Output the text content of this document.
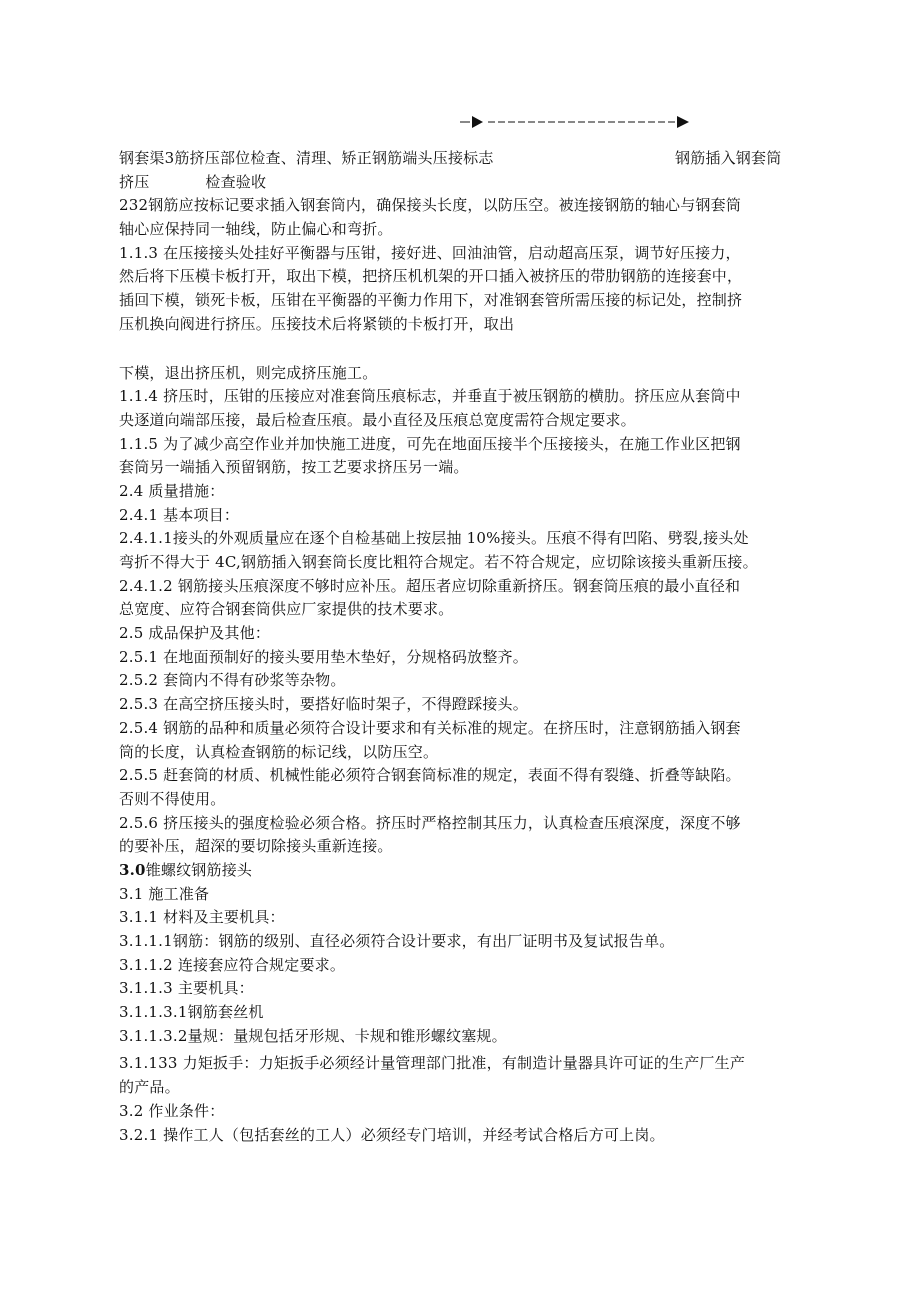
钢套渠3筋挤压部位检查、清理、矫正钢筋端头压接标志	钢筋插入钢套筒
挤压	检查验收
232钢筋应按标记要求插入钢套筒内，确保接头长度，以防压空。被连接钢筋的轴心与钢套筒
轴心应保持同一轴线，防止偏心和弯折。
1.1.3 在压接接头处挂好平衡器与压钳，接好进、回油油管，启动超高压泵，调节好压接力，
然后将下压模卡板打开，取出下模，把挤压机机架的开口插入被挤压的带肋钢筋的连接套中，
插回下模，锁死卡板，压钳在平衡器的平衡力作用下，对准钢套管所需压接的标记处，控制挤
压机换向阀进行挤压。压接技术后将紧锁的卡板打开，取出
下模，退出挤压机，则完成挤压施工。
1.1.4 挤压时，压钳的压接应对准套筒压痕标志，并垂直于被压钢筋的横肋。挤压应从套筒中
央逐道向端部压接，最后检查压痕。最小直径及压痕总宽度需符合规定要求。
1.1.5 为了减少高空作业并加快施工进度，可先在地面压接半个压接接头，在施工作业区把钢
套筒另一端插入预留钢筋，按工艺要求挤压另一端。
2.4 质量措施：
2.4.1 基本项目：
2.4.1.1接头的外观质量应在逐个自检基础上按层抽 10%接头。压痕不得有凹陷、劈裂,接头处
弯折不得大于 4C,钢筋插入钢套筒长度比粗符合规定。若不符合规定，应切除该接头重新压接。
2.4.1.2 钢筋接头压痕深度不够时应补压。超压者应切除重新挤压。钢套筒压痕的最小直径和
总宽度、应符合钢套筒供应厂家提供的技术要求。
2.5 成品保护及其他：
2.5.1 在地面预制好的接头要用垫木垫好，分规格码放整齐。
2.5.2 套筒内不得有砂浆等杂物。
2.5.3 在高空挤压接头时，要搭好临时架子，不得蹬踩接头。
2.5.4 钢筋的品种和质量必须符合设计要求和有关标准的规定。在挤压时，注意钢筋插入钢套
筒的长度，认真检查钢筋的标记线，以防压空。
2.5.5 赶套筒的材质、机械性能必须符合钢套筒标准的规定，表面不得有裂缝、折叠等缺陷。
否则不得使用。
2.5.6 挤压接头的强度检验必须合格。挤压时严格控制其压力，认真检查压痕深度，深度不够
的要补压，超深的要切除接头重新连接。
3.0锥螺纹钢筋接头
3.1 施工准备
3.1.1 材料及主要机具：
3.1.1.1钢筋：钢筋的级别、直径必须符合设计要求，有出厂证明书及复试报告单。
3.1.1.2 连接套应符合规定要求。
3.1.1.3 主要机具：
3.1.1.3.1钢筋套丝机
3.1.1.3.2量规：量规包括牙形规、卡规和锥形螺纹塞规。
3.1.133 力矩扳手：力矩扳手必须经计量管理部门批准，有制造计量器具许可证的生产厂生产
的产品。
3.2 作业条件：
3.2.1 操作工人（包括套丝的工人）必须经专门培训，并经考试合格后方可上岗。
